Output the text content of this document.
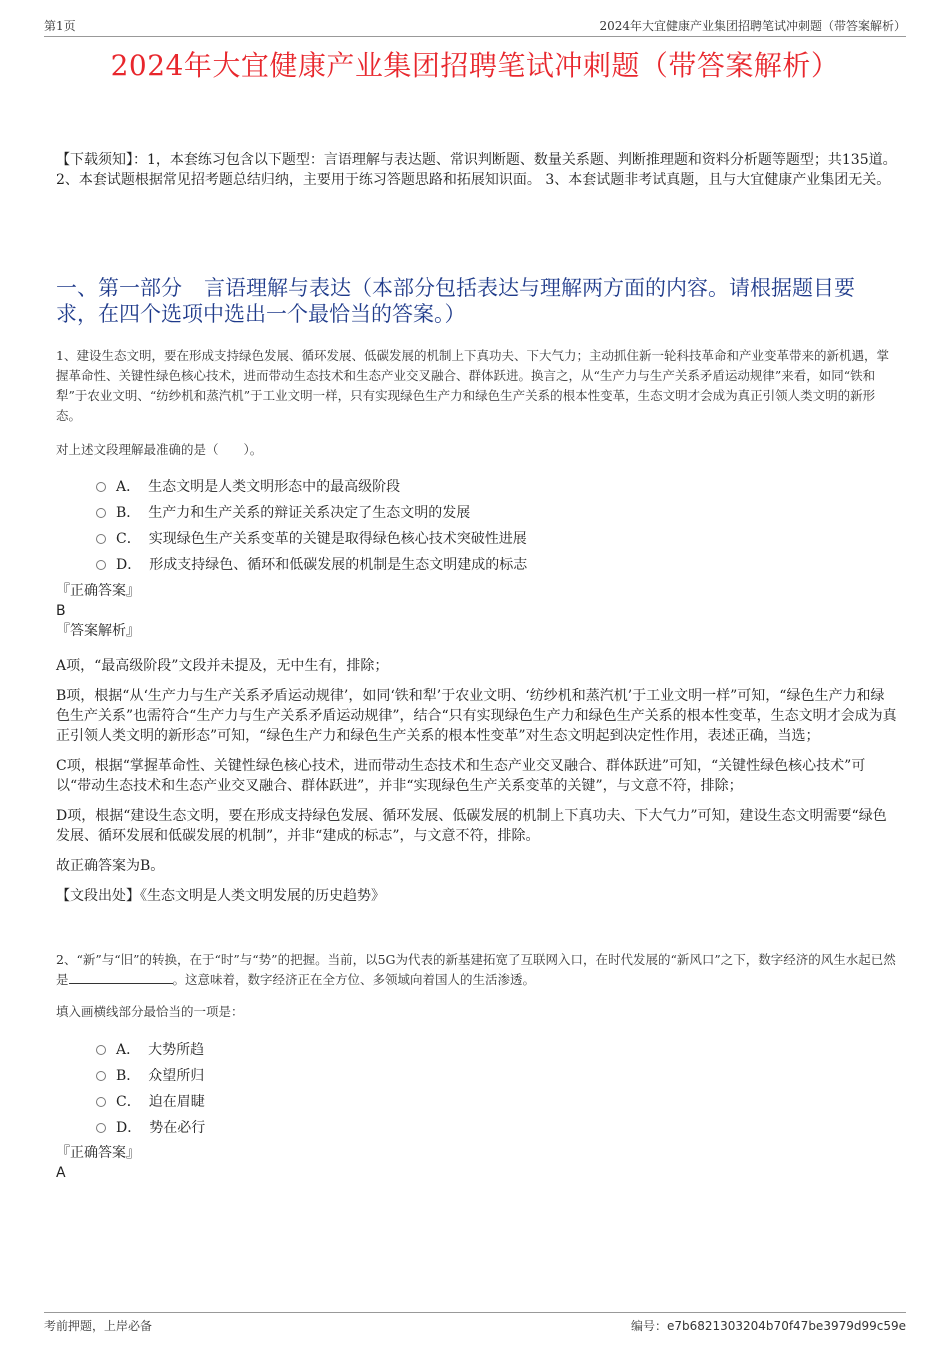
第1页	2024年大宜健康产业集团招聘笔试冲刺题（带答案解析）
2024年大宜健康产业集团招聘笔试冲刺题（带答案解析）
【下载须知】：1，本套练习包含以下题型：言语理解与表达题、常识判断题、数量关系题、判断推理题和资料分析题等题型；共135道。 2、本套试题根据常见招考题总结归纳，主要用于练习答题思路和拓展知识面。 3、本套试题非考试真题，且与大宜健康产业集团无关。
一、第一部分 言语理解与表达（本部分包括表达与理解两方面的内容。请根据题目要求，在四个选项中选出一个最恰当的答案。）
1、建设生态文明，要在形成支持绿色发展、循环发展、低碳发展的机制上下真功夫、下大气力；主动抓住新一轮科技革命和产业变革带来的新机遇，掌握革命性、关键性绿色核心技术，进而带动生态技术和生态产业交叉融合、群体跃进。换言之，从“生产力与生产关系矛盾运动规律”来看，如同“铁和犁”于农业文明、“纺纱机和蒸汽机”于工业文明一样，只有实现绿色生产力和绿色生产关系的根本性变革，生态文明才会成为真正引领人类文明的新形态。
对上述文段理解最准确的是（　　）。
A． 生态文明是人类文明形态中的最高级阶段
B． 生产力和生产关系的辩证关系决定了生态文明的发展
C． 实现绿色生产关系变革的关键是取得绿色核心技术突破性进展
D． 形成支持绿色、循环和低碳发展的机制是生态文明建成的标志
『正确答案』
B
『答案解析』

A项，“最高级阶段”文段并未提及，无中生有，排除；

B项，根据“从‘生产力与生产关系矛盾运动规律’，如同‘铁和犁’于农业文明、‘纺纱机和蒸汽机’于工业文明一样”可知，“绿色生产力和绿色生产关系”也需符合“生产力与生产关系矛盾运动规律”，结合“只有实现绿色生产力和绿色生产关系的根本性变革，生态文明才会成为真正引领人类文明的新形态”可知，“绿色生产力和绿色生产关系的根本性变革”对生态文明起到决定性作用，表述正确，当选；

C项，根据“掌握革命性、关键性绿色核心技术，进而带动生态技术和生态产业交叉融合、群体跃进”可知，“关键性绿色核心技术”可以“带动生态技术和生态产业交叉融合、群体跃进”，并非“实现绿色生产关系变革的关键”，与文意不符，排除；

D项，根据“建设生态文明，要在形成支持绿色发展、循环发展、低碳发展的机制上下真功夫、下大气力”可知，建设生态文明需要“绿色发展、循环发展和低碳发展的机制”，并非“建成的标志”，与文意不符，排除。

故正确答案为B。

【文段出处】《生态文明是人类文明发展的历史趋势》

2、“新”与“旧”的转换，在于“时”与“势”的把握。当前，以5G为代表的新基建拓宽了互联网入口，在时代发展的“新风口”之下，数字经济的风生水起已然是	。这意味着，数字经济正在全方位、多领域向着国人的生活渗透。
填入画横线部分最恰当的一项是：
A． 大势所趋
B． 众望所归
C． 迫在眉睫
D． 势在必行
『正确答案』
A
考前押题，上岸必备	编号：e7b6821303204b70f47be3979d99c59e
